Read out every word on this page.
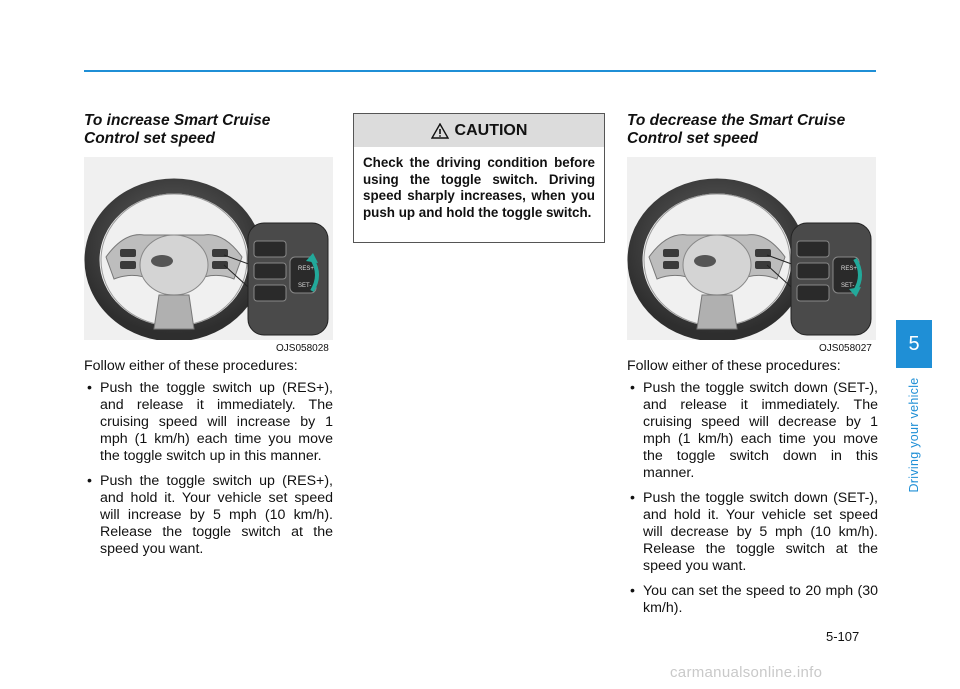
To increase Smart Cruise
Control set speed
RES+
SET-
OJS058028

Follow either of these procedures:

• Push the toggle switch up (RES+), and release it immediately. The cruising speed will increase by 1 mph (1 km/h) each time you move the toggle switch up in this manner.
• Push the toggle switch up (RES+), and hold it. Your vehicle set speed will increase by 5 mph (10 km/h). Release the toggle switch at the speed you want.
CAUTION
Check the driving condition before using the toggle switch. Driving speed sharply increases, when you push up and hold the toggle switch.
To decrease the Smart Cruise
Control set speed
RES+
SET-
OJS058027

Follow either of these procedures:

• Push the toggle switch down (SET-), and release it immediately. The cruising speed will decrease by 1 mph (1 km/h) each time you move the toggle switch down in this manner.
• Push the toggle switch down (SET-), and hold it. Your vehicle set speed will decrease by 5 mph (10 km/h). Release the toggle switch at the speed you want.
• You can set the speed to 20 mph (30 km/h).
5
Driving your vehicle
5-107
carmanualsonline.info
